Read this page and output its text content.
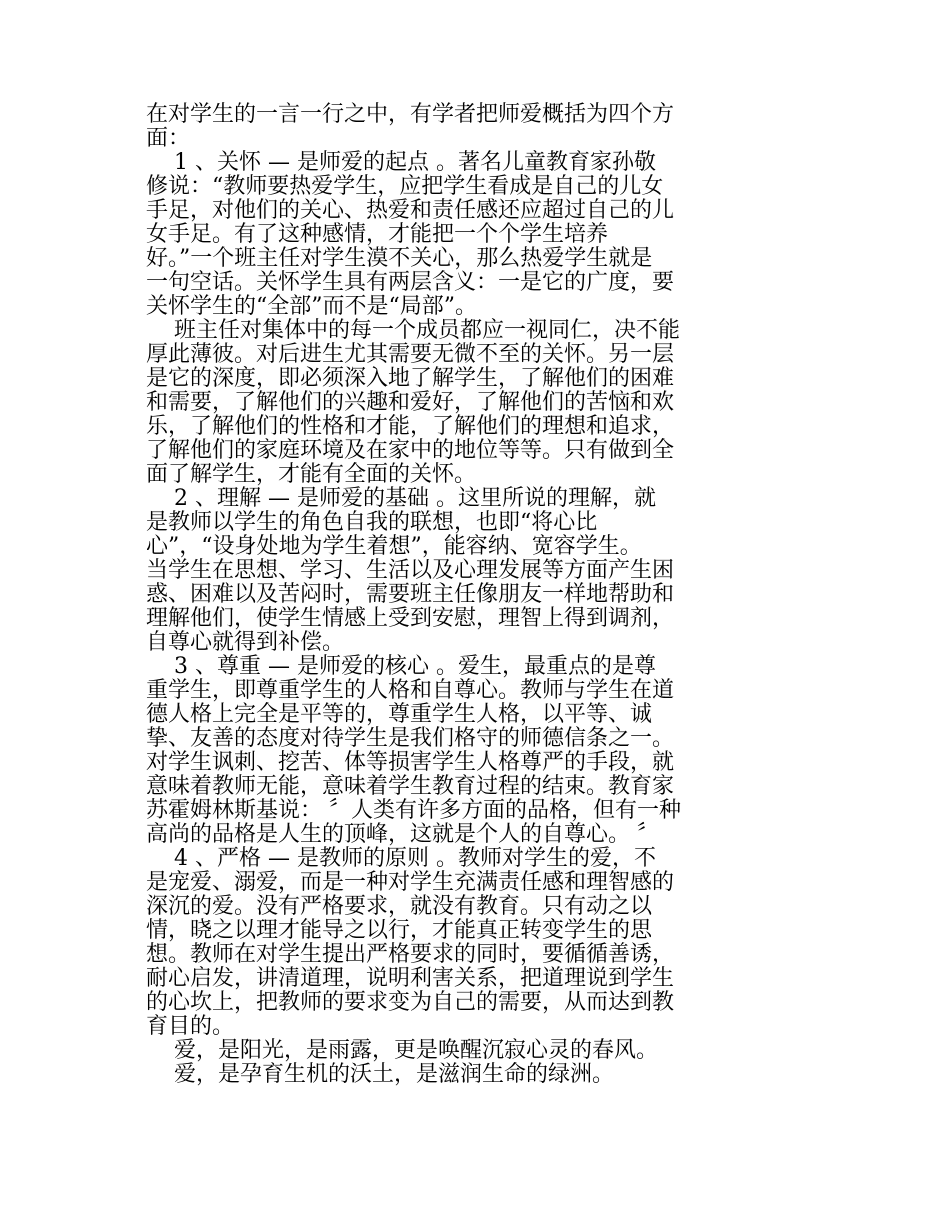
在对学生的一言一行之中，有学者把师爱概括为四个方
面：
1 、关怀 — 是师爱的起点 。著名儿童教育家孙敬
修说：“教师要热爱学生，应把学生看成是自己的儿女
手足，对他们的关心、热爱和责任感还应超过自己的儿
女手足。有了这种感情，才能把一个个学生培养
好。”一个班主任对学生漠不关心，那么热爱学生就是
一句空话。关怀学生具有两层含义：一是它的广度，要
关怀学生的“全部”而不是“局部”。
班主任对集体中的每一个成员都应一视同仁，决不能
厚此薄彼。对后进生尤其需要无微不至的关怀。另一层
是它的深度，即必须深入地了解学生，了解他们的困难
和需要，了解他们的兴趣和爱好，了解他们的苦恼和欢
乐，了解他们的性格和才能，了解他们的理想和追求，
了解他们的家庭环境及在家中的地位等等。只有做到全
面了解学生，才能有全面的关怀。
2 、理解 — 是师爱的基础 。这里所说的理解，就
是教师以学生的角色自我的联想，也即“将心比
心”，“设身处地为学生着想”，能容纳、宽容学生。
当学生在思想、学习、生活以及心理发展等方面产生困
惑、困难以及苦闷时，需要班主任像朋友一样地帮助和
理解他们，使学生情感上受到安慰，理智上得到调剂，
自尊心就得到补偿。
3 、尊重 — 是师爱的核心 。爱生，最重点的是尊
重学生，即尊重学生的人格和自尊心。教师与学生在道
德人格上完全是平等的，尊重学生人格，以平等、诚
挚、友善的态度对待学生是我们格守的师德信条之一。
对学生讽刺、挖苦、体等损害学生人格尊严的手段，就
意味着教师无能，意味着学生教育过程的结束。教育家
苏霍姆林斯基说： 〞人类有许多方面的品格，但有一种
高尚的品格是人生的顶峰，这就是个人的自尊心。 〞
4 、严格 — 是教师的原则 。教师对学生的爱，不
是宠爱、溺爱，而是一种对学生充满责任感和理智感的
深沉的爱。没有严格要求，就没有教育。只有动之以
情，晓之以理才能导之以行，才能真正转变学生的思
想。教师在对学生提出严格要求的同时，要循循善诱，
耐心启发，讲清道理，说明利害关系，把道理说到学生
的心坎上，把教师的要求变为自己的需要，从而达到教
育目的。
爱，是阳光，是雨露，更是唤醒沉寂心灵的春风。
爱，是孕育生机的沃土，是滋润生命的绿洲。
